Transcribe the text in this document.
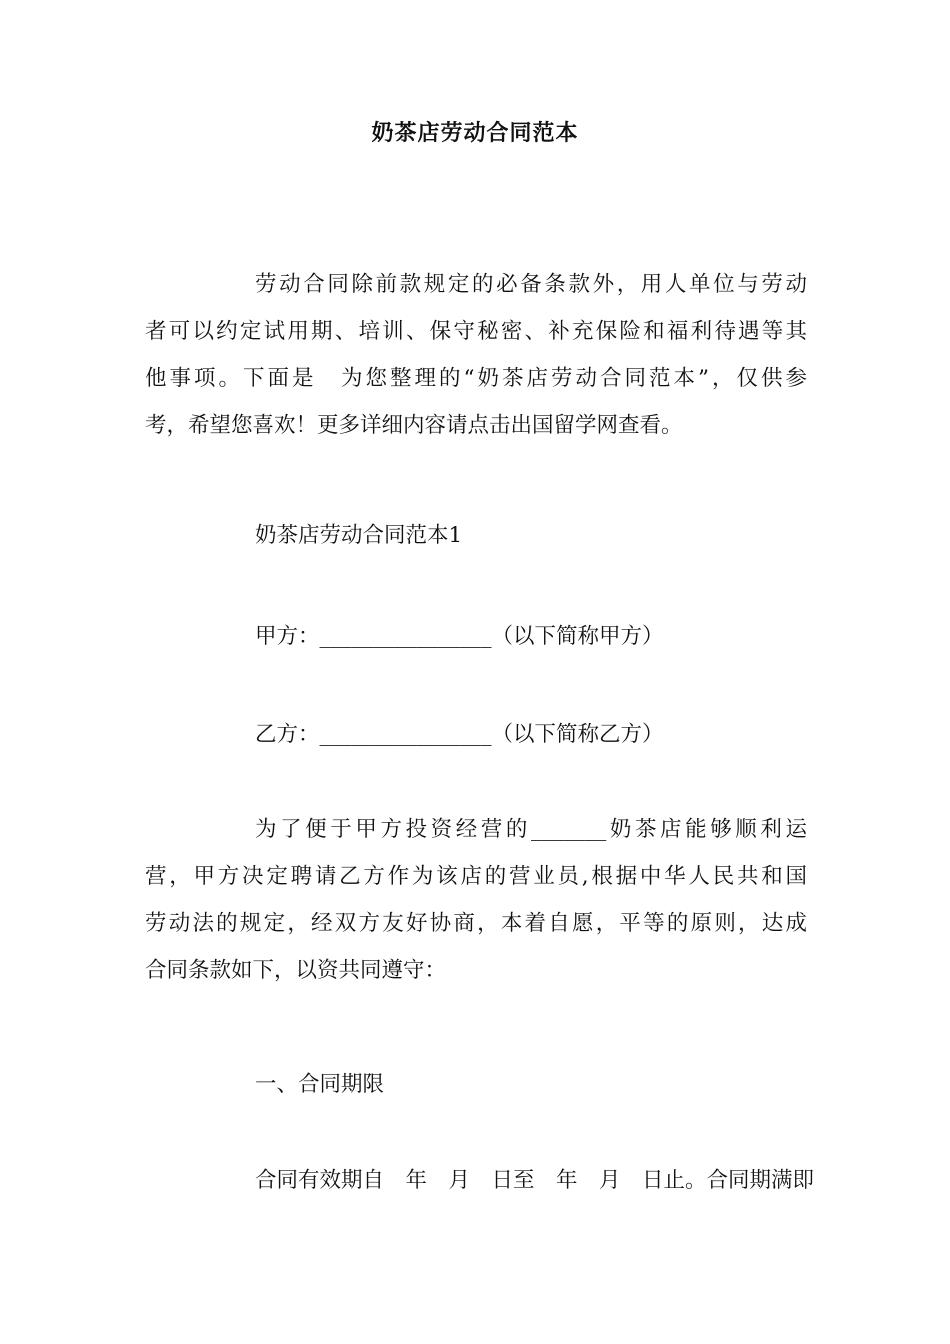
奶茶店劳动合同范本
劳动合同除前款规定的必备条款外，用人单位与劳动
者可以约定试用期、培训、保守秘密、补充保险和福利待遇等其
他事项。下面是　为您整理的“奶茶店劳动合同范本”，仅供参
考，希望您喜欢！更多详细内容请点击出国留学网查看。
奶茶店劳动合同范本1
甲方：________________（以下简称甲方）
乙方：________________（以下简称乙方）
为了便于甲方投资经营的_______奶茶店能够顺利运
营，甲方决定聘请乙方作为该店的营业员,根据中华人民共和国
劳动法的规定，经双方友好协商，本着自愿，平等的原则，达成
合同条款如下，以资共同遵守：
一、合同期限
合同有效期自　年　月　日至　年　月　日止。合同期满即
